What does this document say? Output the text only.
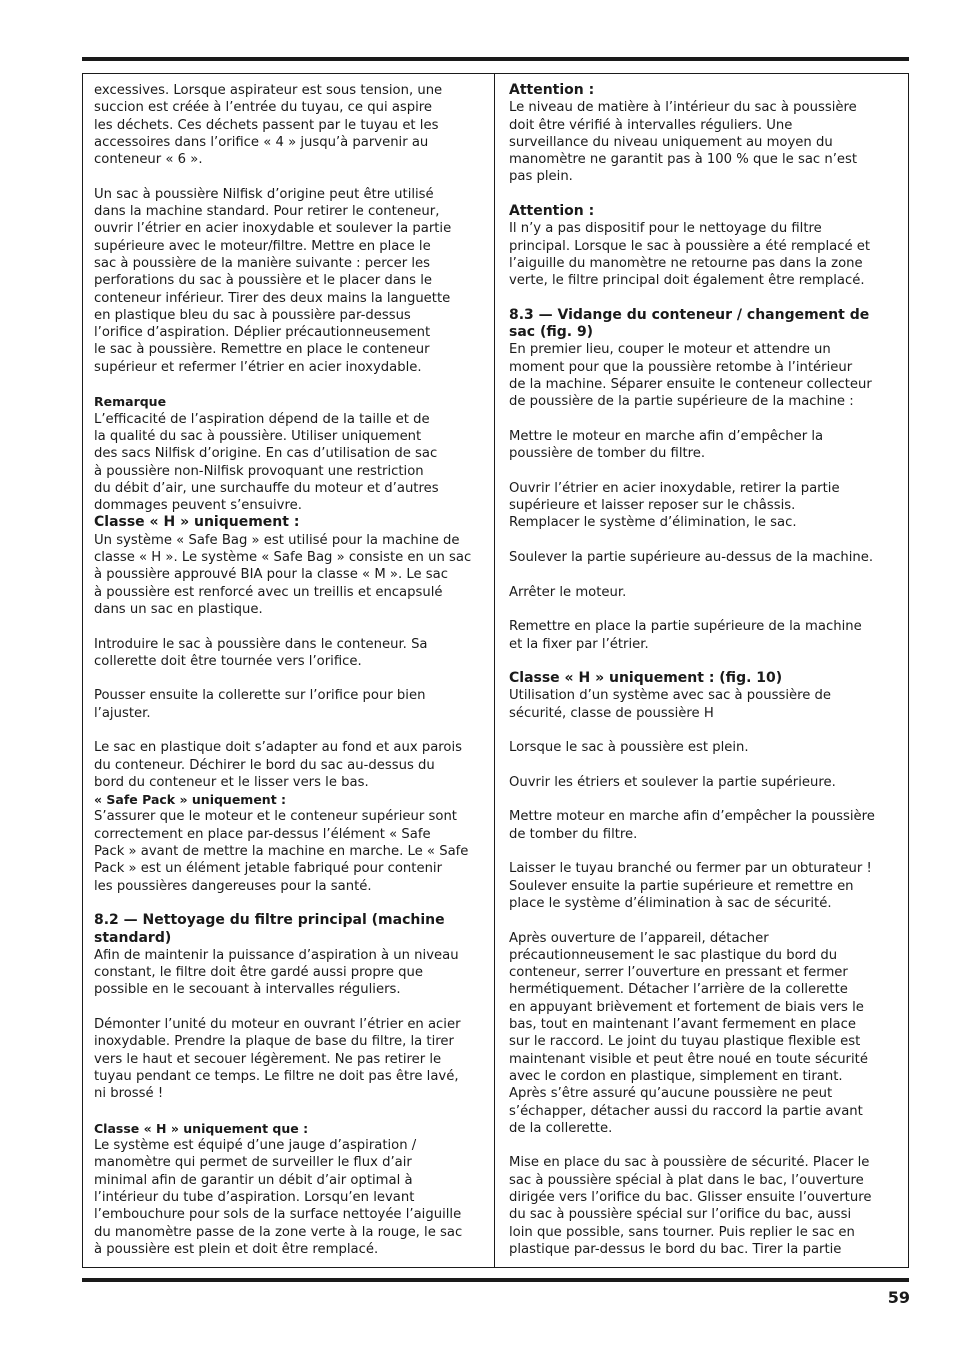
excessives. Lorsque aspirateur est sous tension, une
succion est créée à l’entrée du tuyau, ce qui aspire
les déchets. Ces déchets passent par le tuyau et les
accessoires dans l’orifice « 4 » jusqu’à parvenir au
conteneur « 6 ».

Un sac à poussière Nilfisk d’origine peut être utilisé
dans la machine standard. Pour retirer le conteneur,
ouvrir l’étrier en acier inoxydable et soulever la partie
supérieure avec le moteur/filtre. Mettre en place le
sac à poussière de la manière suivante : percer les
perforations du sac à poussière et le placer dans le
conteneur inférieur. Tirer des deux mains la languette
en plastique bleu du sac à poussière par-dessus
l’orifice d’aspiration. Déplier précautionneusement
le sac à poussière. Remettre en place le conteneur
supérieur et refermer l’étrier en acier inoxydable.

Remarque

L’efficacité de l’aspiration dépend de la taille et de
la qualité du sac à poussière. Utiliser uniquement
des sacs Nilfisk d’origine. En cas d’utilisation de sac
à poussière non-Nilfisk provoquant une restriction
du débit d’air, une surchauffe du moteur et d’autres
dommages peuvent s’ensuivre.

Classe « H » uniquement :

Un système « Safe Bag » est utilisé pour la machine de
classe « H ». Le système « Safe Bag » consiste en un sac
à poussière approuvé BIA pour la classe « M ». Le sac
à poussière est renforcé avec un treillis et encapsulé
dans un sac en plastique.

Introduire le sac à poussière dans le conteneur. Sa
collerette doit être tournée vers l’orifice.

Pousser ensuite la collerette sur l’orifice pour bien
l’ajuster.

Le sac en plastique doit s’adapter au fond et aux parois
du conteneur. Déchirer le bord du sac au-dessus du
bord du conteneur et le lisser vers le bas.

« Safe Pack » uniquement :

S’assurer que le moteur et le conteneur supérieur sont
correctement en place par-dessus l’élément « Safe
Pack » avant de mettre la machine en marche. Le « Safe
Pack » est un élément jetable fabriqué pour contenir
les poussières dangereuses pour la santé.

8.2 — Nettoyage du filtre principal (machine
standard)

Afin de maintenir la puissance d’aspiration à un niveau
constant, le filtre doit être gardé aussi propre que
possible en le secouant à intervalles réguliers.

Démonter l’unité du moteur en ouvrant l’étrier en acier
inoxydable. Prendre la plaque de base du filtre, la tirer
vers le haut et secouer légèrement. Ne pas retirer le
tuyau pendant ce temps. Le filtre ne doit pas être lavé,
ni brossé !

Classe « H » uniquement que :

Le système est équipé d’une jauge d’aspiration /
manomètre qui permet de surveiller le flux d’air
minimal afin de garantir un débit d’air optimal à
l’intérieur du tube d’aspiration. Lorsqu’en levant
l’embouchure pour sols de la surface nettoyée l’aiguille
du manomètre passe de la zone verte à la rouge, le sac
à poussière est plein et doit être remplacé.

Attention :

Le niveau de matière à l’intérieur du sac à poussière
doit être vérifié à intervalles réguliers. Une
surveillance du niveau uniquement au moyen du
manomètre ne garantit pas à 100 % que le sac n’est
pas plein.

Attention :

Il n’y a pas dispositif pour le nettoyage du filtre
principal. Lorsque le sac à poussière a été remplacé et
l’aiguille du manomètre ne retourne pas dans la zone
verte, le filtre principal doit également être remplacé.

8.3 — Vidange du conteneur / changement de
sac (fig. 9)

En premier lieu, couper le moteur et attendre un
moment pour que la poussière retombe à l’intérieur
de la machine. Séparer ensuite le conteneur collecteur
de poussière de la partie supérieure de la machine :

Mettre le moteur en marche afin d’empêcher la
poussière de tomber du filtre.

Ouvrir l’étrier en acier inoxydable, retirer la partie
supérieure et laisser reposer sur le châssis.
Remplacer le système d’élimination, le sac.

Soulever la partie supérieure au-dessus de la machine.

Arrêter le moteur.

Remettre en place la partie supérieure de la machine
et la fixer par l’étrier.

Classe « H » uniquement : (fig. 10)

Utilisation d’un système avec sac à poussière de
sécurité, classe de poussière H

Lorsque le sac à poussière est plein.

Ouvrir les étriers et soulever la partie supérieure.

Mettre moteur en marche afin d’empêcher la poussière
de tomber du filtre.

Laisser le tuyau branché ou fermer par un obturateur !
Soulever ensuite la partie supérieure et remettre en
place le système d’élimination à sac de sécurité.

Après ouverture de l’appareil, détacher
précautionneusement le sac plastique du bord du
conteneur, serrer l’ouverture en pressant et fermer
hermétiquement. Détacher l’arrière de la collerette
en appuyant brièvement et fortement de biais vers le
bas, tout en maintenant l’avant fermement en place
sur le raccord. Le joint du tuyau plastique flexible est
maintenant visible et peut être noué en toute sécurité
avec le cordon en plastique, simplement en tirant.
Après s’être assuré qu’aucune poussière ne peut
s’échapper, détacher aussi du raccord la partie avant
de la collerette.

Mise en place du sac à poussière de sécurité. Placer le
sac à poussière spécial à plat dans le bac, l’ouverture
dirigée vers l’orifice du bac. Glisser ensuite l’ouverture
du sac à poussière spécial sur l’orifice du bac, aussi
loin que possible, sans tourner. Puis replier le sac en
plastique par-dessus le bord du bac. Tirer la partie

59
